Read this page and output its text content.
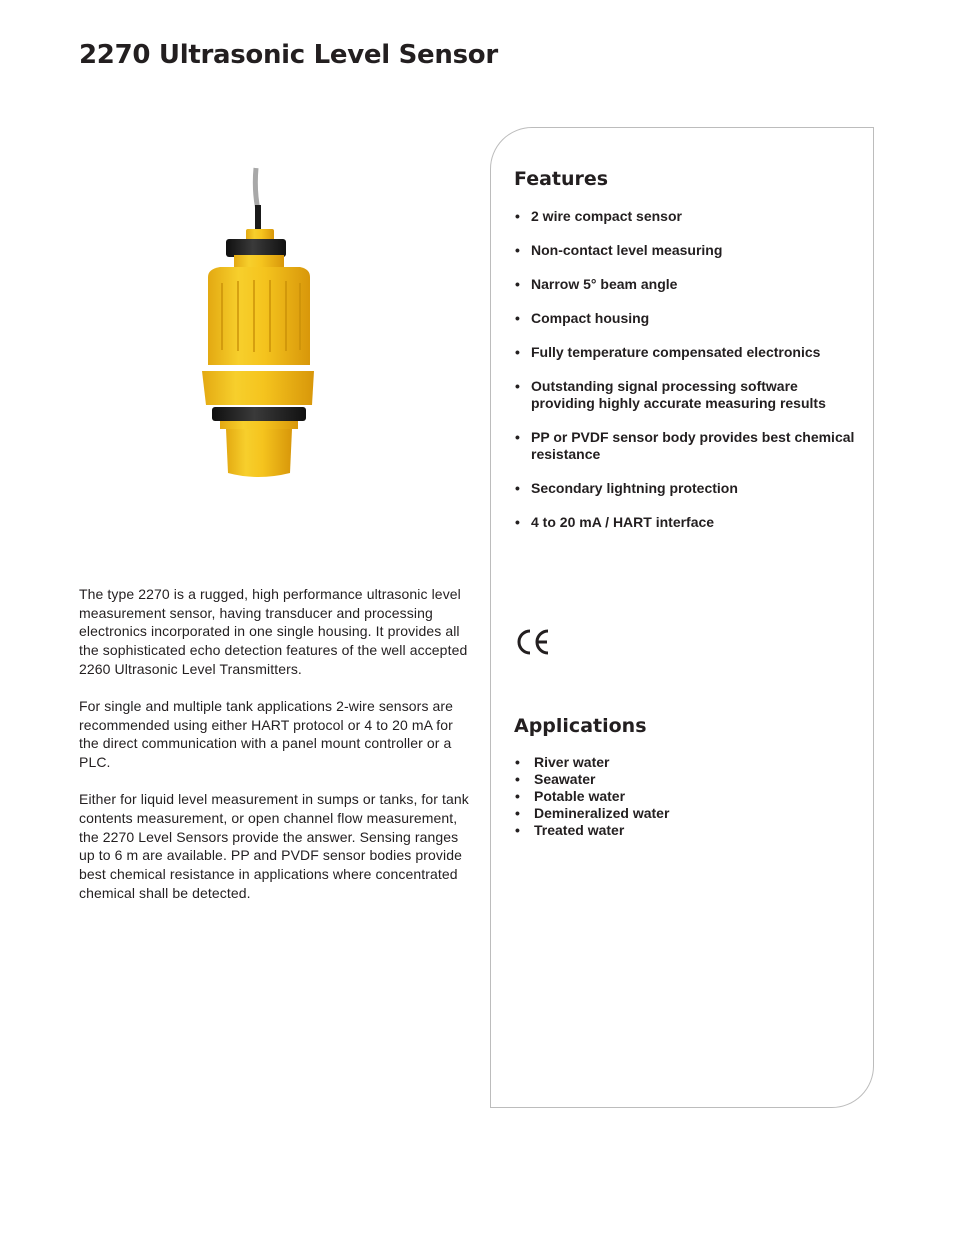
2270 Ultrasonic Level Sensor

The type 2270 is a rugged, high performance ultrasonic level measurement sensor, having transducer and processing electronics incorporated in one single housing. It provides all the sophisticated echo detection features of the well accepted 2260 Ultrasonic Level Transmitters.

For single and multiple tank applications 2-wire sensors are recommended using either HART protocol or 4 to 20 mA for the direct communication with a panel mount controller or a PLC.

Either for liquid level measurement in sumps or tanks, for tank contents measurement, or open channel flow measurement, the 2270 Level Sensors provide the answer. Sensing ranges up to 6 m are available. PP and PVDF sensor bodies provide best chemical resistance in applications where concentrated chemical shall be detected.

Features
• 2 wire compact sensor
• Non-contact level measuring
• Narrow 5° beam angle
• Compact housing
• Fully temperature compensated electronics
• Outstanding signal processing software providing highly accurate measuring results
• PP or PVDF sensor body provides best chemical resistance
• Secondary lightning protection
• 4 to 20 mA / HART interface
Applications
• River water
• Seawater
• Potable water
• Demineralized water
• Treated water
